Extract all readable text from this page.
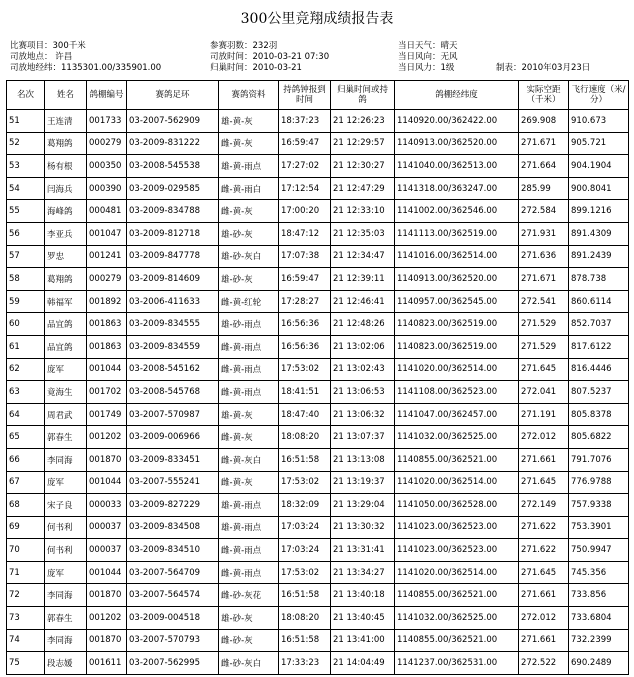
300公里竞翔成绩报告表
比赛项目：300千米
司放地点： 许昌
司放地经纬：1135301.00/335901.00
参赛羽数：232羽
司放时间：2010-03-21 07:30
归巢时间：2010-03-21
当日天气：晴天
当日风向：无风
当日风力：1级	制表：2010年03月23日
名次	姓名	鸽棚编号	赛鸽足环	赛鸽资料	持鸽钟报到时间	归巢时间或持鸽	鸽棚经纬度	实际空距（千米）	飞行速度（米/分）
51	王连清	001733	03-2007-562909	雄-黄-灰	18:37:23	21 12:26:23	1140920.00/362422.00	269.908	910.673
52	葛翔鸽	000279	03-2009-831222	雌-黄-灰	16:59:47	21 12:29:57	1140913.00/362520.00	271.671	905.721
53	杨有根	000350	03-2008-545538	雄-黄-雨点	17:27:02	21 12:30:27	1141040.00/362513.00	271.664	904.1904
54	闫海兵	000390	03-2009-029585	雌-黄-雨白	17:12:54	21 12:47:29	1141318.00/363247.00	285.99	900.8041
55	海峰鸽	000481	03-2009-834788	雌-黄-灰	17:00:20	21 12:33:10	1141002.00/362546.00	272.584	899.1216
56	李亚兵	001047	03-2009-812718	雄-砂-灰	18:47:12	21 12:35:03	1141113.00/362519.00	271.931	891.4309
57	罗忠	001241	03-2009-847778	雄-砂-灰白	17:07:38	21 12:34:47	1141016.00/362514.00	271.636	891.2439
58	葛翔鸽	000279	03-2009-814609	雄-砂-灰	16:59:47	21 12:39:11	1140913.00/362520.00	271.671	878.738
59	韩福军	001892	03-2006-411633	雌-黄-红轮	17:28:27	21 12:46:41	1140957.00/362545.00	272.541	860.6114
60	品宜鸽	001863	03-2009-834555	雄-砂-雨点	16:56:36	21 12:48:26	1140823.00/362519.00	271.529	852.7037
61	品宜鸽	001863	03-2009-834559	雌-黄-雨点	16:56:36	21 13:02:06	1140823.00/362519.00	271.529	817.6122
62	庞军	001044	03-2008-545162	雌-黄-雨点	17:53:02	21 13:02:43	1141020.00/362514.00	271.645	816.4446
63	竟海生	001702	03-2008-545768	雌-黄-雨点	18:41:51	21 13:06:53	1141108.00/362523.00	272.041	807.5237
64	周君武	001749	03-2007-570987	雄-黄-灰	18:47:40	21 13:06:32	1141047.00/362457.00	271.191	805.8378
65	郭春生	001202	03-2009-006966	雌-黄-灰	18:08:20	21 13:07:37	1141032.00/362525.00	272.012	805.6822
66	李同海	001870	03-2009-833451	雌-黄-灰白	16:51:58	21 13:13:08	1140855.00/362521.00	271.661	791.7076
67	庞军	001044	03-2007-555241	雌-黄-灰	17:53:02	21 13:19:37	1141020.00/362514.00	271.645	776.9788
68	宋子良	000033	03-2009-827229	雄-黄-雨点	18:32:09	21 13:29:04	1141050.00/362528.00	272.149	757.9338
69	何书利	000037	03-2009-834508	雄-黄-雨点	17:03:24	21 13:30:32	1141023.00/362523.00	271.622	753.3901
70	何书利	000037	03-2009-834510	雌-黄-雨点	17:03:24	21 13:31:41	1141023.00/362523.00	271.622	750.9947
71	庞军	001044	03-2007-564709	雌-黄-雨点	17:53:02	21 13:34:27	1141020.00/362514.00	271.645	745.356
72	李同海	001870	03-2007-564574	雌-砂-灰花	16:51:58	21 13:40:18	1140855.00/362521.00	271.661	733.856
73	郭春生	001202	03-2009-004518	雄-砂-灰	18:08:20	21 13:40:45	1141032.00/362525.00	272.012	733.6804
74	李同海	001870	03-2007-570793	雌-砂-灰	16:51:58	21 13:41:00	1140855.00/362521.00	271.661	732.2399
75	段志媛	001611	03-2007-562995	雌-砂-灰白	17:33:23	21 14:04:49	1141237.00/362531.00	272.522	690.2489
